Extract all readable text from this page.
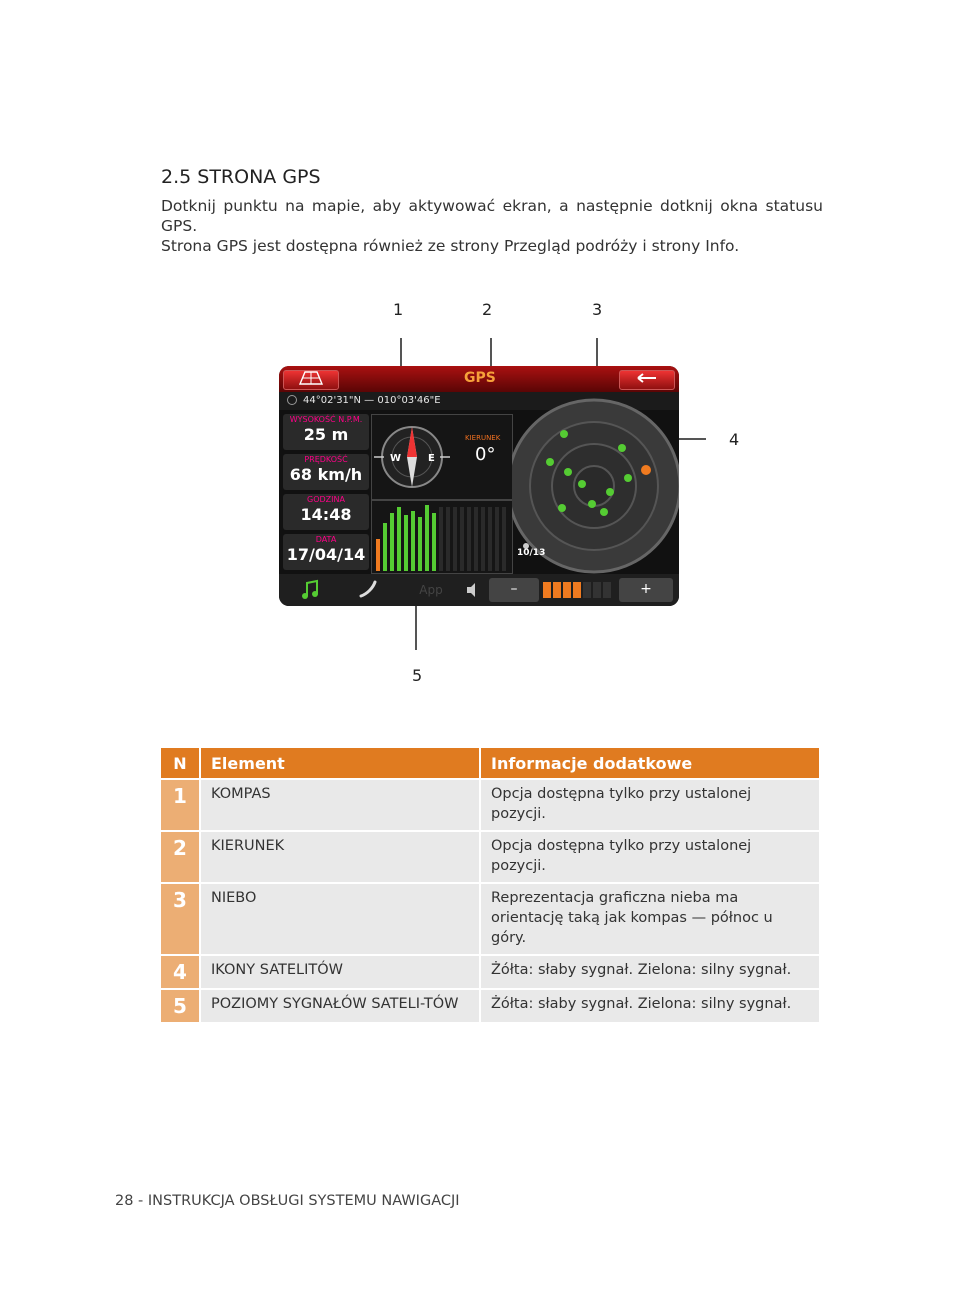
2.5 STRONA GPS

Dotknij punktu na mapie, aby aktywować ekran, a następnie dotknij okna statusu GPS.

Strona GPS jest dostępna również ze strony Przegląd podróży i strony Info.

1	2	3
4
5
GPS
44°02'31"N — 010°03'46"E
WYSOKOŚĆ N.P.M.
25 m
PRĘDKOŚĆ
68 km/h
GODZINA
14:48
DATA
17/04/14
W	E
KIERUNEK
0°
10/13
App	–	+
N	Element	Informacje dodatkowe
1	KOMPAS	Opcja dostępna tylko przy ustalonej pozycji.
2	KIERUNEK	Opcja dostępna tylko przy ustalonej pozycji.
3	NIEBO	Reprezentacja graficzna nieba ma orientację taką jak kompas — północ u góry.
4	IKONY SATELITÓW	Żółta: słaby sygnał. Zielona: silny sygnał.
5	POZIOMY SYGNAŁÓW SATELI-TÓW	Żółta: słaby sygnał. Zielona: silny sygnał.
28 - INSTRUKCJA OBSŁUGI SYSTEMU NAWIGACJI
